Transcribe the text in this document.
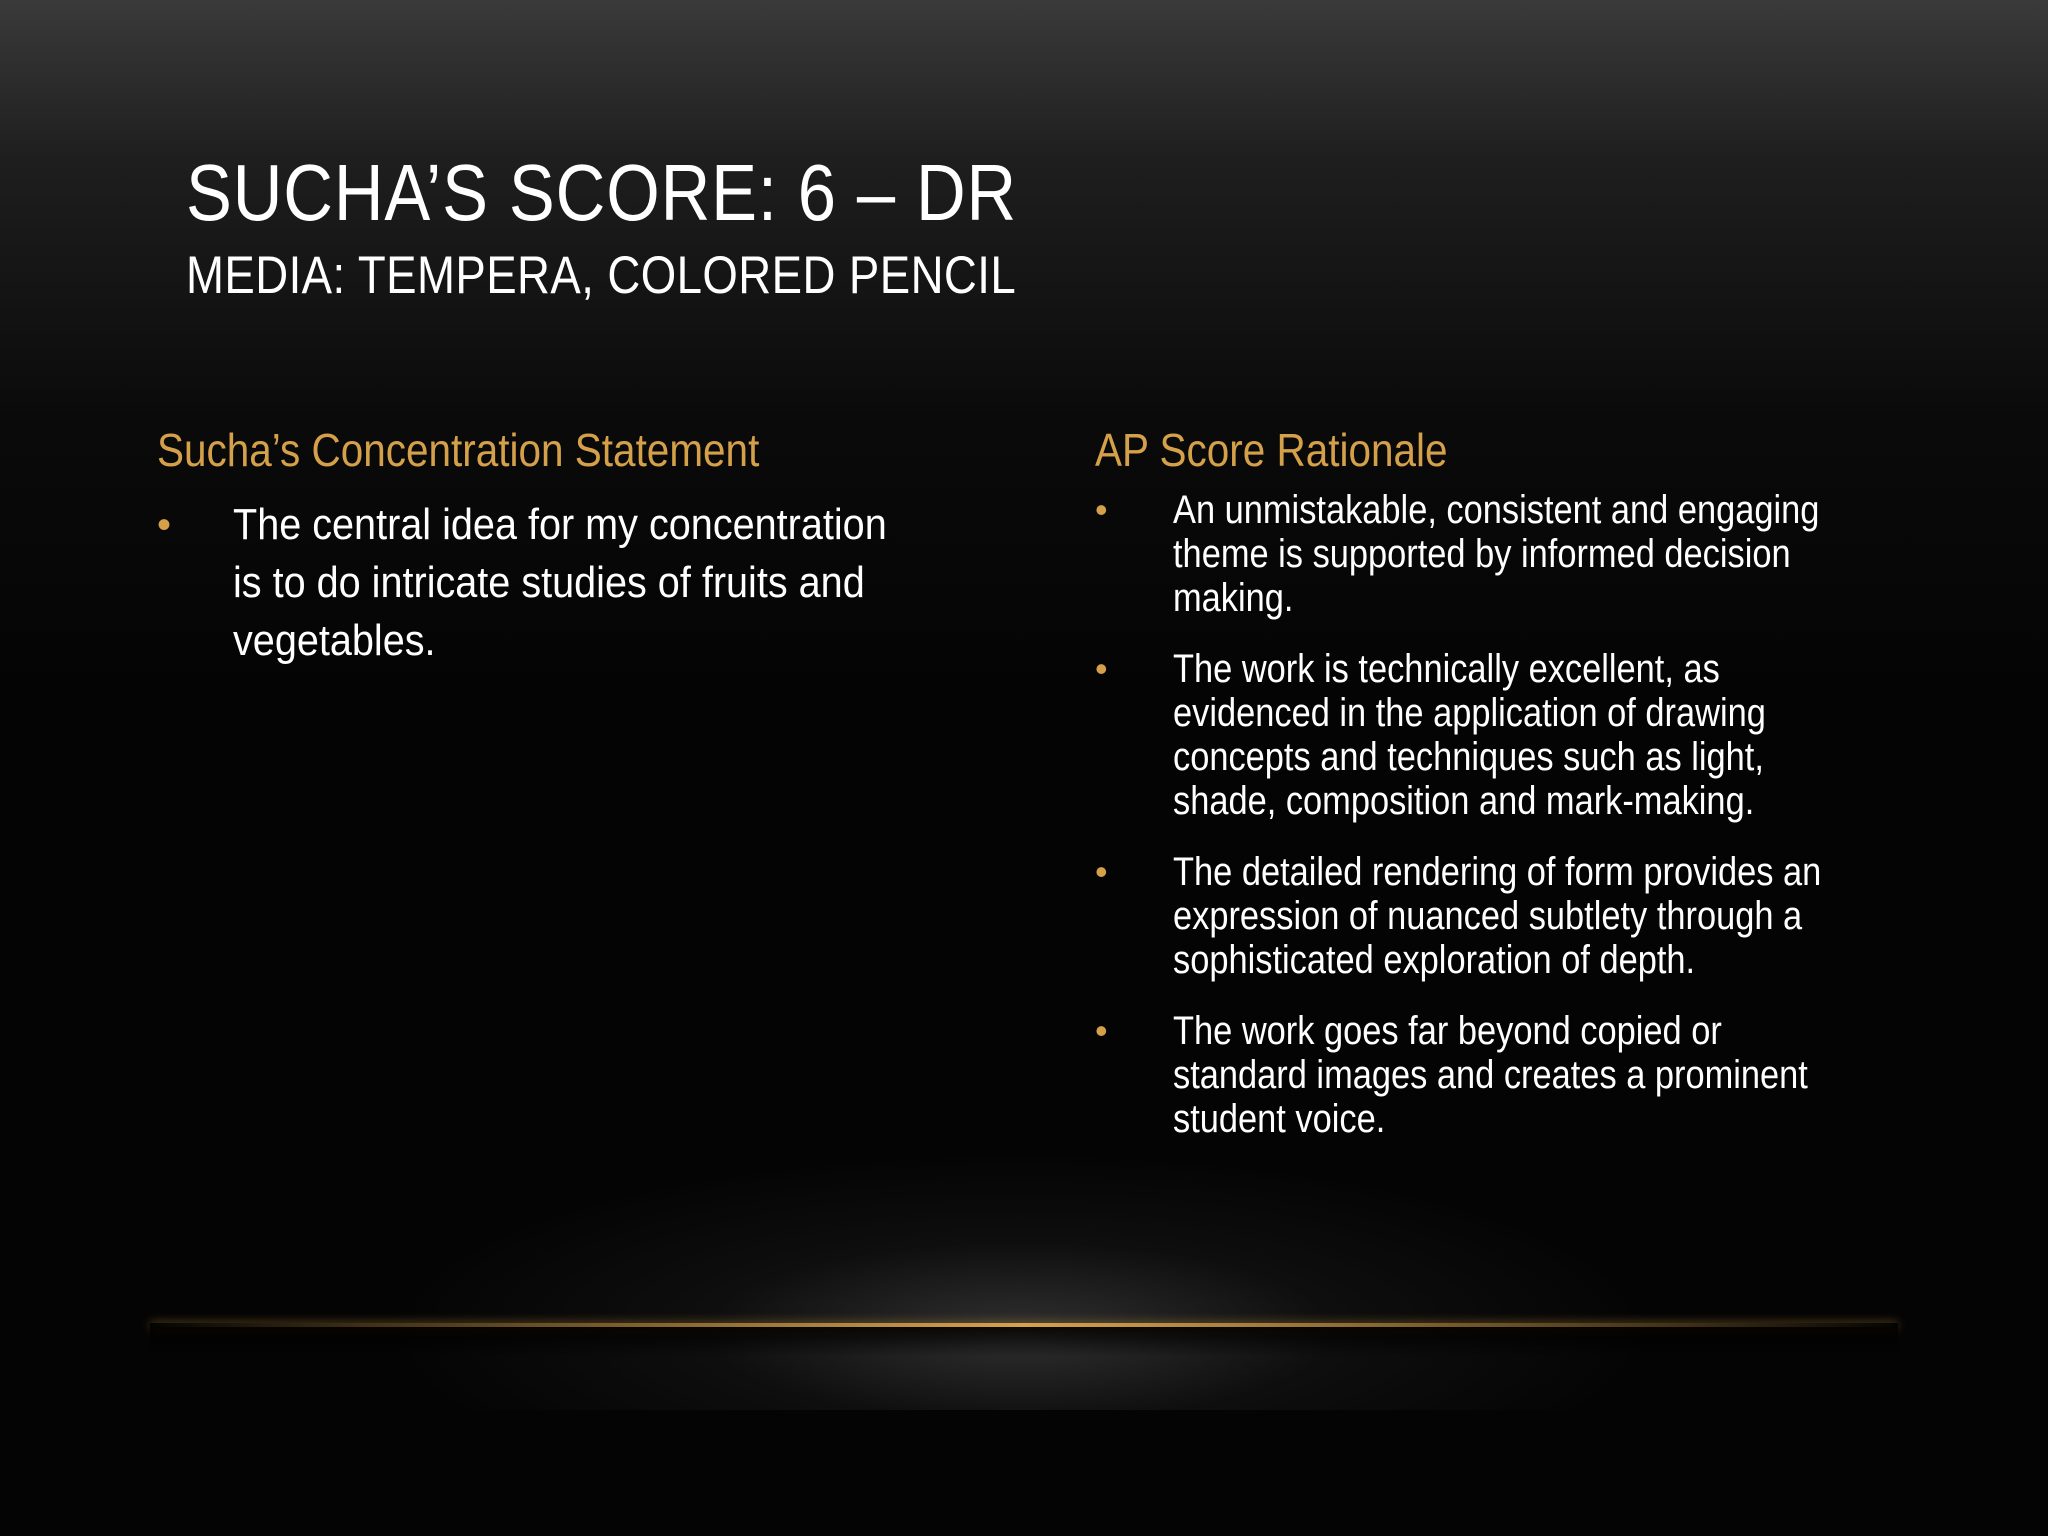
SUCHA’S SCORE: 6 – DR
MEDIA: TEMPERA, COLORED PENCIL
Sucha’s Concentration Statement
• The central idea for my concentration is to do intricate studies of fruits and vegetables.
AP Score Rationale
• An unmistakable, consistent and engaging theme is supported by informed decision making.
• The work is technically excellent, as evidenced in the application of drawing concepts and techniques such as light, shade, composition and mark-making.
• The detailed rendering of form provides an expression of nuanced subtlety through a sophisticated exploration of depth.
• The work goes far beyond copied or standard images and creates a prominent student voice.
